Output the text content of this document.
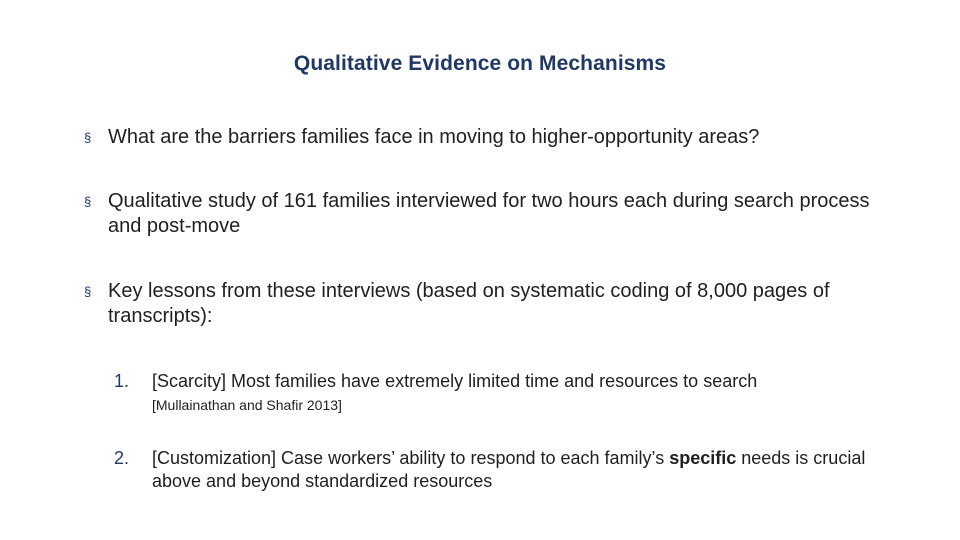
Qualitative Evidence on Mechanisms
§ What are the barriers families face in moving to higher-opportunity areas?
§ Qualitative study of 161 families interviewed for two hours each during search process and post-move
§ Key lessons from these interviews (based on systematic coding of 8,000 pages of transcripts):
1.	[Scarcity] Most families have extremely limited time and resources to search
[Mullainathan and Shafir 2013]
2.	[Customization] Case workers’ ability to respond to each family’s specific needs is crucial above and beyond standardized resources
